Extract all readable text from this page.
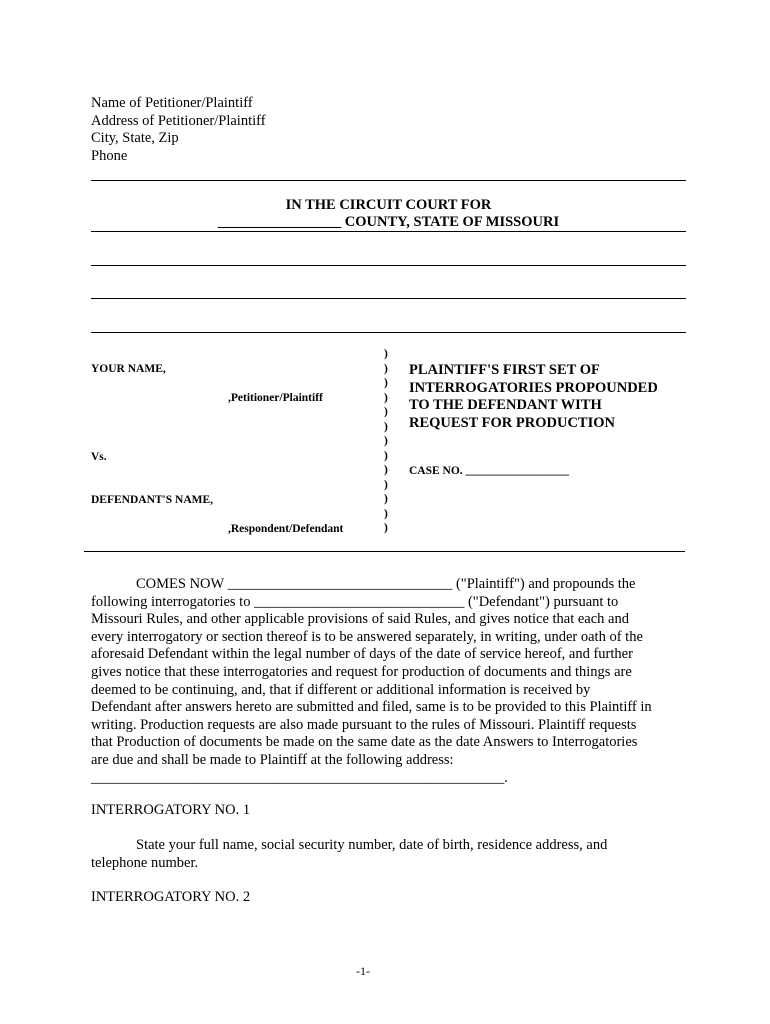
Name of Petitioner/Plaintiff
Address of Petitioner/Plaintiff
City, State, Zip
Phone
IN THE CIRCUIT COURT FOR
_________________ COUNTY, STATE OF MISSOURI
YOUR NAME,
,Petitioner/Plaintiff
Vs.
DEFENDANT'S NAME,
,Respondent/Defendant
)
)
)
)
)
)
)
)
)
)
)
)
)
PLAINTIFF'S FIRST SET OF
INTERROGATORIES PROPOUNDED
TO THE DEFENDANT WITH
REQUEST FOR PRODUCTION
CASE NO. __________________
COMES NOW _______________________________ ("Plaintiff") and propounds the
following interrogatories to _____________________________ ("Defendant") pursuant to
Missouri Rules, and other applicable provisions of said Rules, and gives notice that each and
every interrogatory or section thereof is to be answered separately, in writing, under oath of the
aforesaid Defendant within the legal number of days of the date of service hereof, and further
gives notice that these interrogatories and request for production of documents and things are
deemed to be continuing, and, that if different or additional information is received by
Defendant after answers hereto are submitted and filed, same is to be provided to this Plaintiff in
writing. Production requests are also made pursuant to the rules of Missouri. Plaintiff requests
that Production of documents be made on the same date as the date Answers to Interrogatories
are due and shall be made to Plaintiff at the following address:
_________________________________________________________.
INTERROGATORY NO. 1
State your full name, social security number, date of birth, residence address, and
telephone number.
INTERROGATORY NO. 2
-1-
